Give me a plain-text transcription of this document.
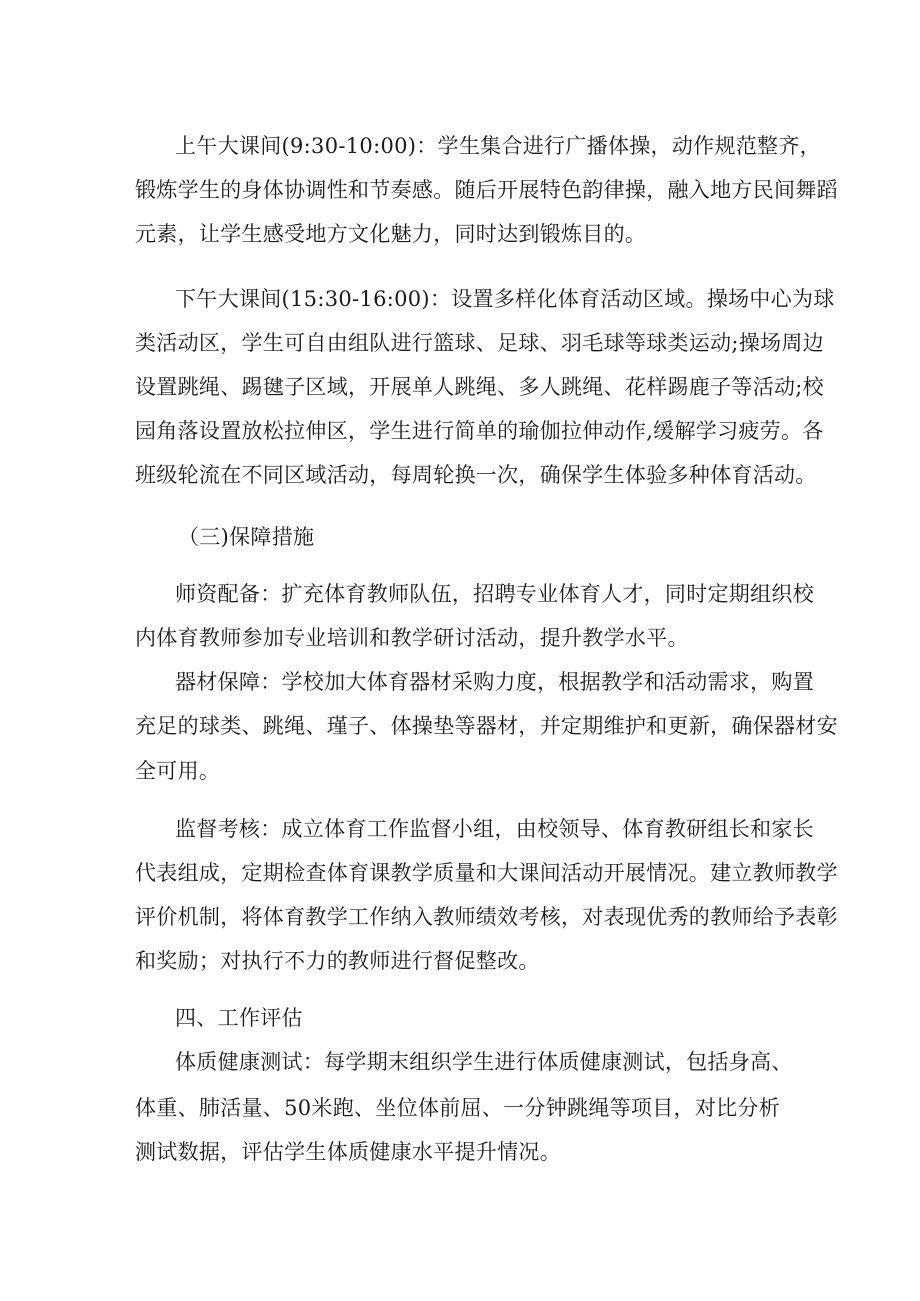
上午大课间(9:30-10:00)：学生集合进行广播体操，动作规范整齐，
锻炼学生的身体协调性和节奏感。随后开展特色韵律操，融入地方民间舞蹈
元素，让学生感受地方文化魅力，同时达到锻炼目的。
下午大课间(15:30-16:00)：设置多样化体育活动区域。操场中心为球
类活动区，学生可自由组队进行篮球、足球、羽毛球等球类运动;操场周边
设置跳绳、踢毽子区域，开展单人跳绳、多人跳绳、花样踢鹿子等活动;校
园角落设置放松拉伸区，学生进行简单的瑜伽拉伸动作,缓解学习疲劳。各
班级轮流在不同区域活动，每周轮换一次，确保学生体验多种体育活动。
（三)保障措施
师资配备：扩充体育教师队伍，招聘专业体育人才，同时定期组织校
内体育教师参加专业培训和教学研讨活动，提升教学水平。
器材保障：学校加大体育器材采购力度，根据教学和活动需求，购置
充足的球类、跳绳、瑾子、体操垫等器材，并定期维护和更新，确保器材安
全可用。
监督考核：成立体育工作监督小组，由校领导、体育教研组长和家长
代表组成，定期检查体育课教学质量和大课间活动开展情况。建立教师教学
评价机制，将体育教学工作纳入教师绩效考核，对表现优秀的教师给予表彰
和奖励；对执行不力的教师进行督促整改。
四、工作评估
体质健康测试：每学期末组织学生进行体质健康测试，包括身高、
体重、肺活量、50米跑、坐位体前屈、一分钟跳绳等项目，对比分析
测试数据，评估学生体质健康水平提升情况。
